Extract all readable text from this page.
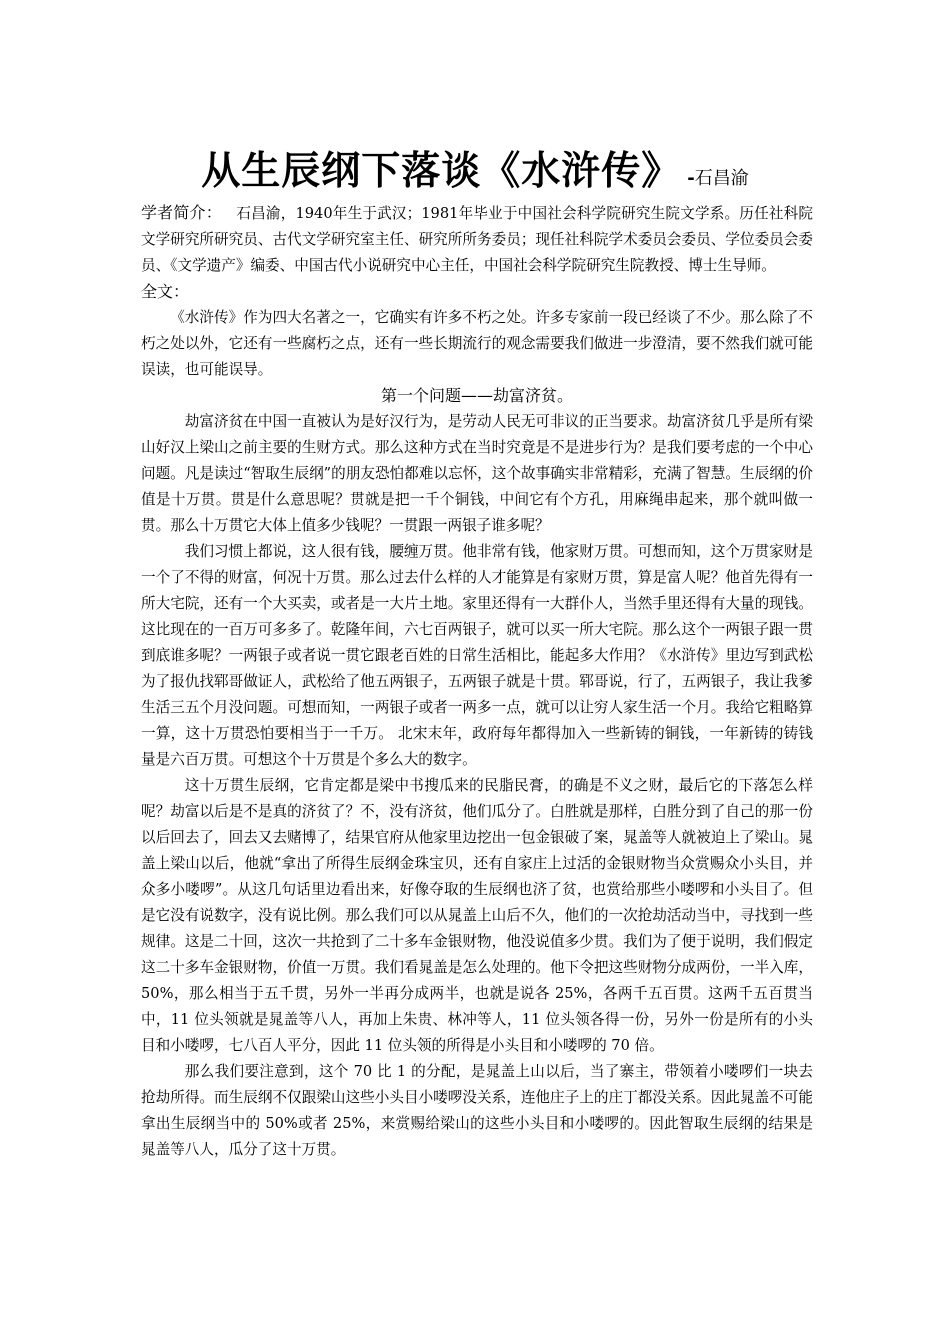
从生辰纲下落谈《水浒传》 -石昌渝

学者简介： 石昌渝，1940年生于武汉；1981年毕业于中国社会科学院研究生院文学系。历任社科院文学研究所研究员、古代文学研究室主任、研究所所务委员；现任社科院学术委员会委员、学位委员会委员、《文学遗产》编委、中国古代小说研究中心主任，中国社会科学院研究生院教授、博士生导师。

全文：

《水浒传》作为四大名著之一，它确实有许多不朽之处。许多专家前一段已经谈了不少。那么除了不朽之处以外，它还有一些腐朽之点，还有一些长期流行的观念需要我们做进一步澄清，要不然我们就可能误读，也可能误导。

第一个问题——劫富济贫。

劫富济贫在中国一直被认为是好汉行为，是劳动人民无可非议的正当要求。劫富济贫几乎是所有梁山好汉上梁山之前主要的生财方式。那么这种方式在当时究竟是不是进步行为？是我们要考虑的一个中心问题。凡是读过“智取生辰纲”的朋友恐怕都难以忘怀，这个故事确实非常精彩，充满了智慧。生辰纲的价值是十万贯。贯是什么意思呢？贯就是把一千个铜钱，中间它有个方孔，用麻绳串起来，那个就叫做一贯。那么十万贯它大体上值多少钱呢？一贯跟一两银子谁多呢？

我们习惯上都说，这人很有钱，腰缠万贯。他非常有钱，他家财万贯。可想而知，这个万贯家财是一个了不得的财富，何况十万贯。那么过去什么样的人才能算是有家财万贯，算是富人呢？他首先得有一所大宅院，还有一个大买卖，或者是一大片土地。家里还得有一大群仆人，当然手里还得有大量的现钱。这比现在的一百万可多多了。乾隆年间，六七百两银子，就可以买一所大宅院。那么这个一两银子跟一贯到底谁多呢？一两银子或者说一贯它跟老百姓的日常生活相比，能起多大作用？《水浒传》里边写到武松为了报仇找郓哥做证人，武松给了他五两银子，五两银子就是十贯。郓哥说，行了，五两银子，我让我爹生活三五个月没问题。可想而知，一两银子或者一两多一点，就可以让穷人家生活一个月。我给它粗略算一算，这十万贯恐怕要相当于一千万。 北宋末年，政府每年都得加入一些新铸的铜钱，一年新铸的铸钱量是六百万贯。可想这个十万贯是个多么大的数字。

这十万贯生辰纲，它肯定都是梁中书搜瓜来的民脂民膏，的确是不义之财，最后它的下落怎么样呢？劫富以后是不是真的济贫了？不，没有济贫，他们瓜分了。白胜就是那样，白胜分到了自己的那一份以后回去了，回去又去赌博了，结果官府从他家里边挖出一包金银破了案，晁盖等人就被迫上了梁山。晁盖上梁山以后，他就“拿出了所得生辰纲金珠宝贝，还有自家庄上过活的金银财物当众赏赐众小头目，并众多小喽啰”。从这几句话里边看出来，好像夺取的生辰纲也济了贫，也赏给那些小喽啰和小头目了。但是它没有说数字，没有说比例。那么我们可以从晁盖上山后不久，他们的一次抢劫活动当中，寻找到一些规律。这是二十回，这次一共抢到了二十多车金银财物，他没说值多少贯。我们为了便于说明，我们假定这二十多车金银财物，价值一万贯。我们看晁盖是怎么处理的。他下令把这些财物分成两份，一半入库，50%，那么相当于五千贯，另外一半再分成两半，也就是说各 25%，各两千五百贯。这两千五百贯当中，11 位头领就是晁盖等八人，再加上朱贵、林冲等人，11 位头领各得一份，另外一份是所有的小头目和小喽啰，七八百人平分，因此 11 位头领的所得是小头目和小喽啰的 70 倍。

那么我们要注意到，这个 70 比 1 的分配，是晁盖上山以后，当了寨主，带领着小喽啰们一块去抢劫所得。而生辰纲不仅跟梁山这些小头目小喽啰没关系，连他庄子上的庄丁都没关系。因此晁盖不可能拿出生辰纲当中的 50%或者 25%，来赏赐给梁山的这些小头目和小喽啰的。因此智取生辰纲的结果是晁盖等八人，瓜分了这十万贯。
